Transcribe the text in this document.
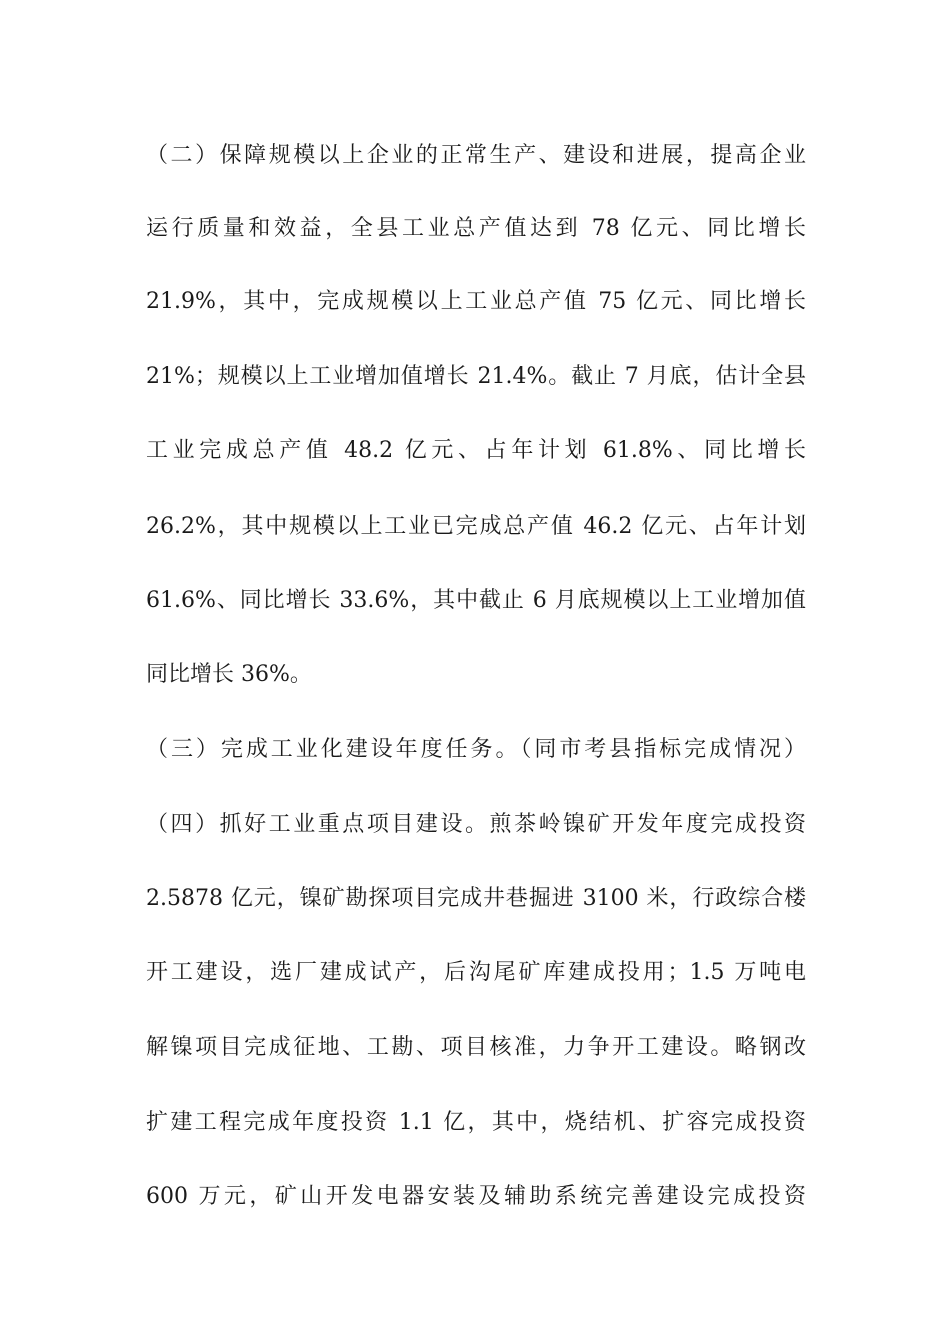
（二）保障规模以上企业的正常生产、建设和进展，提高企业
运行质量和效益，全县工业总产值达到 78 亿元、同比增长
21.9%，其中，完成规模以上工业总产值 75 亿元、同比增长
21%；规模以上工业增加值增长 21.4%。截止 7 月底，估计全县
工业完成总产值 48.2 亿元、占年计划 61.8%、同比增长
26.2%，其中规模以上工业已完成总产值 46.2 亿元、占年计划
61.6%、同比增长 33.6%，其中截止 6 月底规模以上工业增加值
同比增长 36%。
（三）完成工业化建设年度任务。（同市考县指标完成情况）
（四）抓好工业重点项目建设。煎茶岭镍矿开发年度完成投资
2.5878 亿元，镍矿勘探项目完成井巷掘进 3100 米，行政综合楼
开工建设，选厂建成试产，后沟尾矿库建成投用；1.5 万吨电
解镍项目完成征地、工勘、项目核准，力争开工建设。略钢改
扩建工程完成年度投资 1.1 亿，其中，烧结机、扩容完成投资
600 万元，矿山开发电器安装及辅助系统完善建设完成投资
